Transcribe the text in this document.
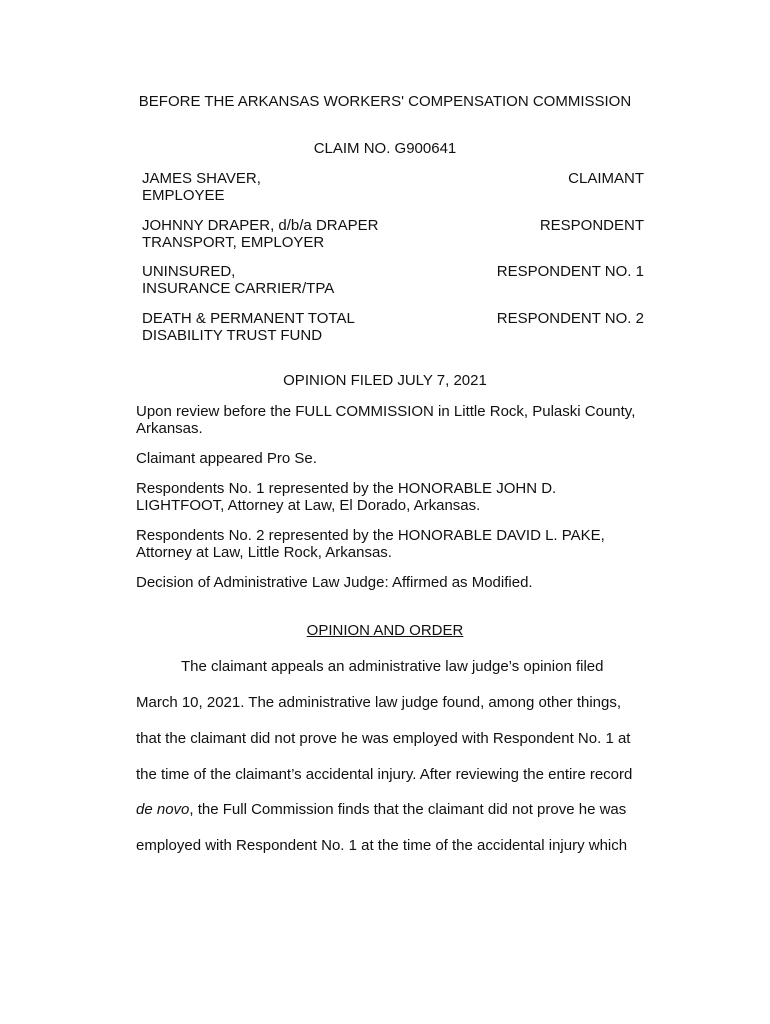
BEFORE THE ARKANSAS WORKERS' COMPENSATION COMMISSION
CLAIM NO. G900641
JAMES SHAVER,
EMPLOYEE
CLAIMANT
JOHNNY DRAPER, d/b/a DRAPER
TRANSPORT, EMPLOYER
RESPONDENT
UNINSURED,
INSURANCE CARRIER/TPA
RESPONDENT NO. 1
DEATH & PERMANENT TOTAL
DISABILITY TRUST FUND
RESPONDENT NO. 2
OPINION FILED JULY 7, 2021
Upon review before the FULL COMMISSION in Little Rock, Pulaski County,
Arkansas.
Claimant appeared Pro Se.
Respondents No. 1 represented by the HONORABLE JOHN D.
LIGHTFOOT, Attorney at Law, El Dorado, Arkansas.
Respondents No. 2 represented by the HONORABLE DAVID L. PAKE,
Attorney at Law, Little Rock, Arkansas.
Decision of Administrative Law Judge: Affirmed as Modified.
OPINION AND ORDER
The claimant appeals an administrative law judge’s opinion filed
March 10, 2021. The administrative law judge found, among other things,
that the claimant did not prove he was employed with Respondent No. 1 at
the time of the claimant’s accidental injury. After reviewing the entire record
de novo, the Full Commission finds that the claimant did not prove he was
employed with Respondent No. 1 at the time of the accidental injury which
